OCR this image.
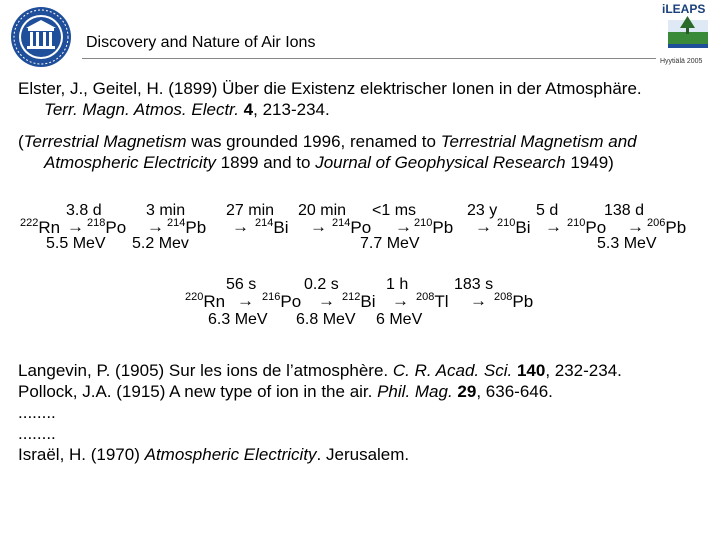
Discovery and Nature of Air Ions
iLEAPS
Hyytiälä 2005
Elster, J., Geitel, H. (1899) Über die Existenz elektrischer Ionen in der Atmosphäre.
Terr. Magn. Atmos. Electr. 4, 213-234.
(Terrestrial Magnetism was grounded 1996, renamed to Terrestrial Magnetism and
Atmospheric Electricity 1899 and to Journal of Geophysical Research 1949)
3.8 d	3 min	27 min 20 min <1 ms	23 y 5 d	138 d
$^{222}$Rn → $^{218}$Po → $^{214}$Pb → $^{214}$Bi → $^{214}$Po → $^{210}$Pb → $^{210}$Bi → $^{210}$Po → $^{206}$Pb
5.5 MeV 5.2 Mev	7.7 MeV	5.3 MeV
56 s	0.2 s	1 h	183 s
$^{220}$Rn → $^{216}$Po → $^{212}$Bi → $^{208}$Tl → $^{208}$Pb
6.3 MeV 6.8 MeV 6 MeV
Langevin, P. (1905) Sur les ions de l’atmosphère. C. R. Acad. Sci. 140, 232-234.
Pollock, J.A. (1915) A new type of ion in the air. Phil. Mag. 29, 636-646.
........
........
Israël, H. (1970) Atmospheric Electricity. Jerusalem.
